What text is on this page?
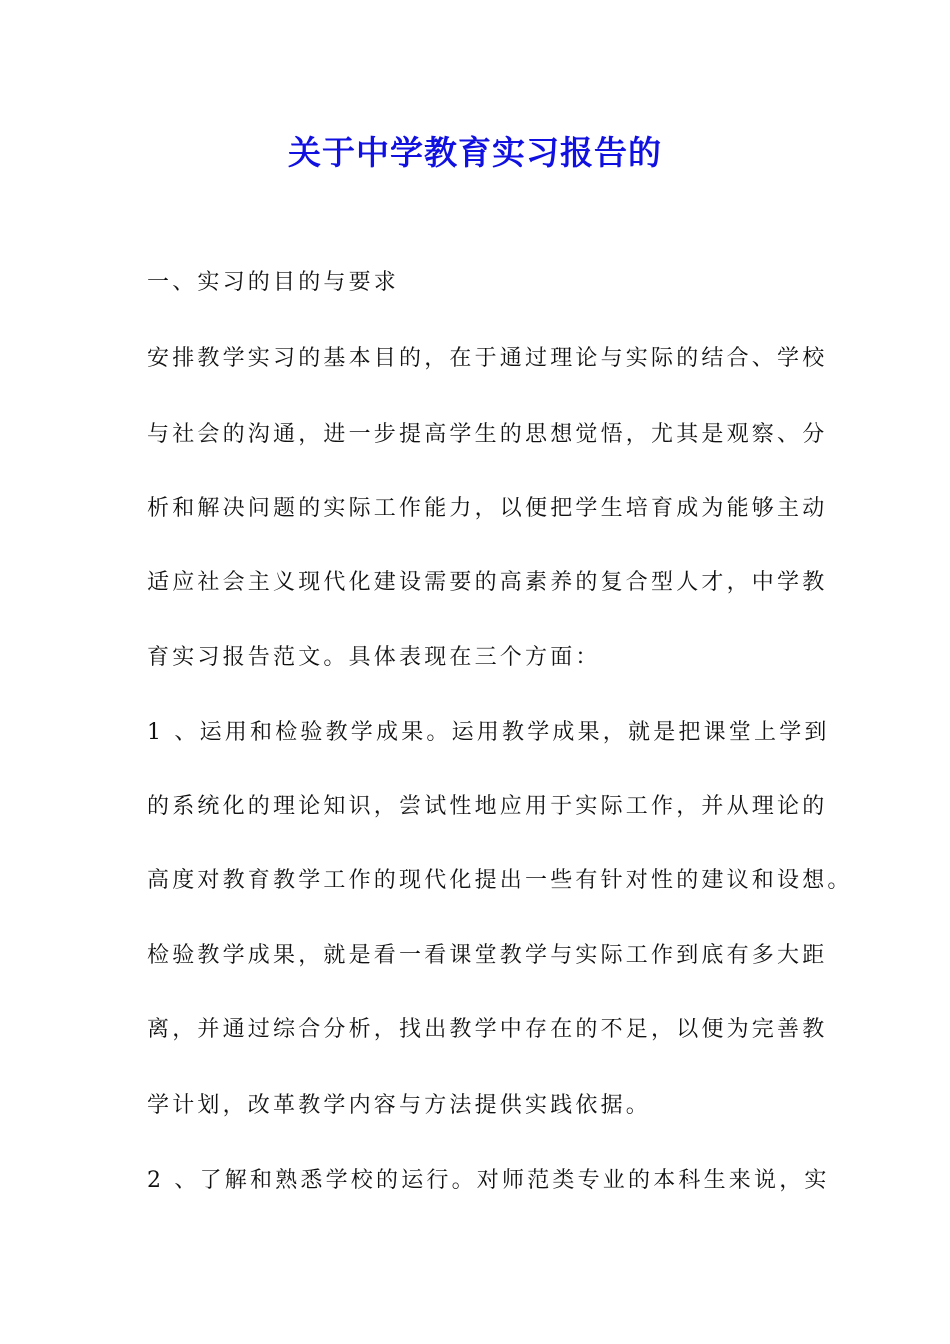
关于中学教育实习报告的
一、实习的目的与要求
安排教学实习的基本目的，在于通过理论与实际的结合、学校
与社会的沟通，进一步提高学生的思想觉悟，尤其是观察、分
析和解决问题的实际工作能力，以便把学生培育成为能够主动
适应社会主义现代化建设需要的高素养的复合型人才，中学教
育实习报告范文。具体表现在三个方面：
1 、运用和检验教学成果。运用教学成果，就是把课堂上学到
的系统化的理论知识，尝试性地应用于实际工作，并从理论的
高度对教育教学工作的现代化提出一些有针对性的建议和设想。
检验教学成果，就是看一看课堂教学与实际工作到底有多大距
离，并通过综合分析，找出教学中存在的不足，以便为完善教
学计划，改革教学内容与方法提供实践依据。
2 、了解和熟悉学校的运行。对师范类专业的本科生来说，实
